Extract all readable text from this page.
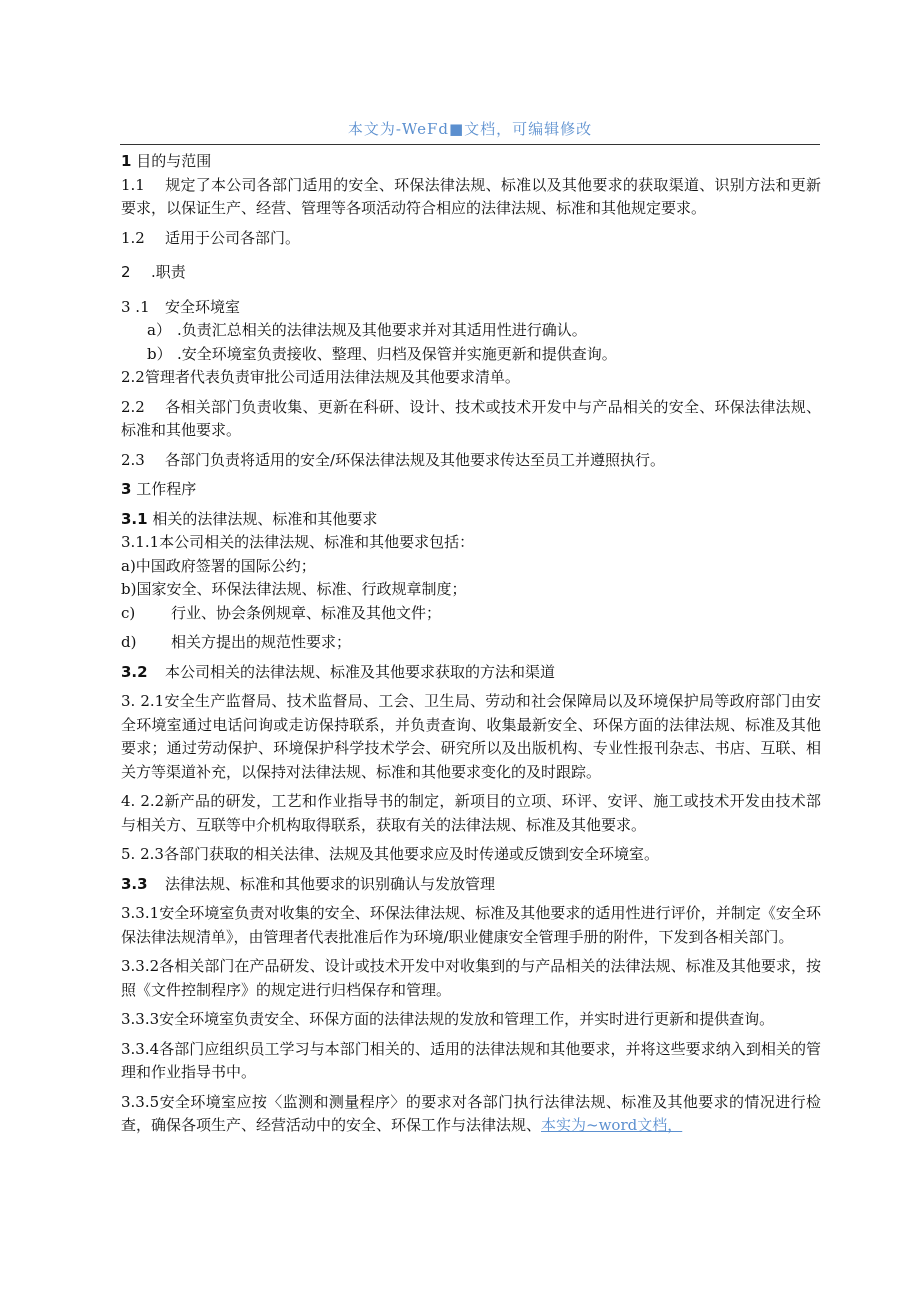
本文为-WeFd■文档，可编辑修改

1 目的与范围

1.1 规定了本公司各部门适用的安全、环保法律法规、标准以及其他要求的获取渠道、识别方法和更新要求，以保证生产、经营、管理等各项活动符合相应的法律法规、标准和其他规定要求。

1.2 适用于公司各部门。

2 .职责

3 .1 安全环境室

a） .负责汇总相关的法律法规及其他要求并对其适用性进行确认。

b） .安全环境室负责接收、整理、归档及保管并实施更新和提供查询。

2.2管理者代表负责审批公司适用法律法规及其他要求清单。

2.2 各相关部门负责收集、更新在科研、设计、技术或技术开发中与产品相关的安全、环保法律法规、标准和其他要求。

2.3 各部门负责将适用的安全/环保法律法规及其他要求传达至员工并遵照执行。

3 工作程序

3.1 相关的法律法规、标准和其他要求

3.1.1本公司相关的法律法规、标准和其他要求包括：

a)中国政府签署的国际公约；

b)国家安全、环保法律法规、标准、行政规章制度；

c) 行业、协会条例规章、标准及其他文件；

d) 相关方提出的规范性要求；

3.2 本公司相关的法律法规、标准及其他要求获取的方法和渠道

3. 2.1安全生产监督局、技术监督局、工会、卫生局、劳动和社会保障局以及环境保护局等政府部门由安全环境室通过电话问询或走访保持联系，并负责查询、收集最新安全、环保方面的法律法规、标准及其他要求；通过劳动保护、环境保护科学技术学会、研究所以及出版机构、专业性报刊杂志、书店、互联、相关方等渠道补充，以保持对法律法规、标准和其他要求变化的及时跟踪。

4. 2.2新产品的研发，工艺和作业指导书的制定，新项目的立项、环评、安评、施工或技术开发由技术部与相关方、互联等中介机构取得联系，获取有关的法律法规、标准及其他要求。

5. 2.3各部门获取的相关法律、法规及其他要求应及时传递或反馈到安全环境室。

3.3 法律法规、标准和其他要求的识别确认与发放管理

3.3.1安全环境室负责对收集的安全、环保法律法规、标准及其他要求的适用性进行评价，并制定《安全环保法律法规清单》，由管理者代表批准后作为环境/职业健康安全管理手册的附件，下发到各相关部门。

3.3.2各相关部门在产品研发、设计或技术开发中对收集到的与产品相关的法律法规、标准及其他要求，按照《文件控制程序》的规定进行归档保存和管理。

3.3.3安全环境室负责安全、环保方面的法律法规的发放和管理工作，并实时进行更新和提供查询。

3.3.4各部门应组织员工学习与本部门相关的、适用的法律法规和其他要求，并将这些要求纳入到相关的管理和作业指导书中。

3.3.5安全环境室应按〈监测和测量程序〉的要求对各部门执行法律法规、标准及其他要求的情况进行检查，确保各项生产、经营活动中的安全、环保工作与法律法规、本实为~word文档，
